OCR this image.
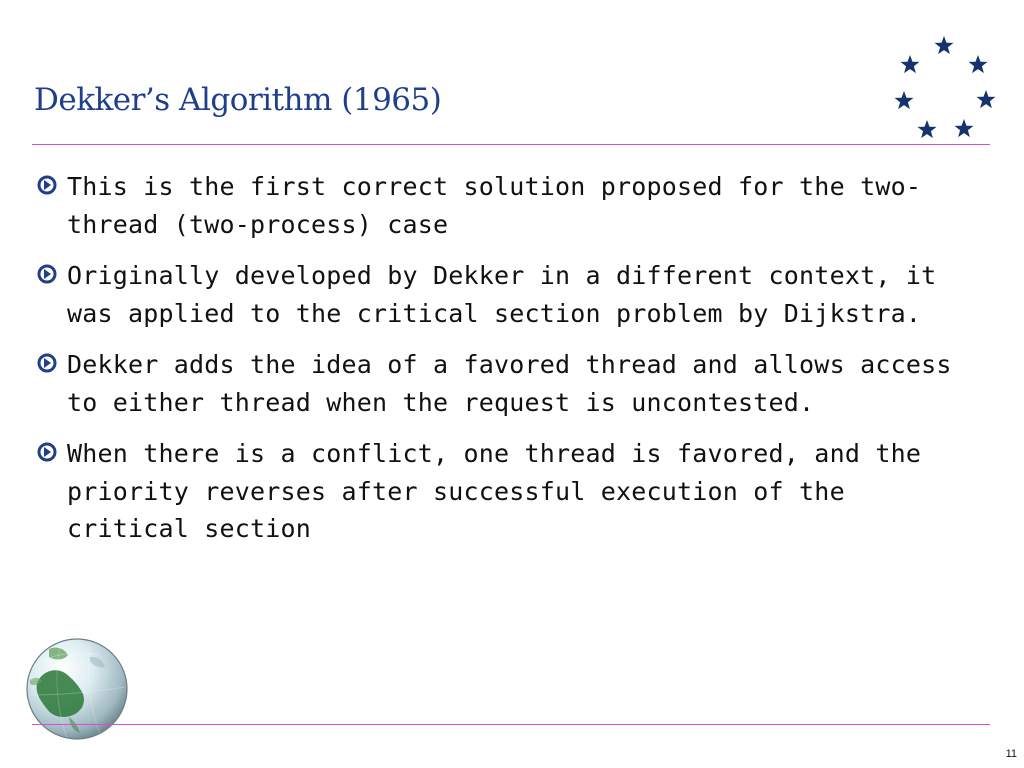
Dekker’s Algorithm (1965)
This is the first correct solution proposed for the two-
thread (two-process) case
Originally developed by Dekker in a different context, it
was applied to the critical section problem by Dijkstra.
Dekker adds the idea of a favored thread and allows access
to either thread when the request is uncontested.
When there is a conflict, one thread is favored, and the
priority reverses after successful execution of the
critical section
11
